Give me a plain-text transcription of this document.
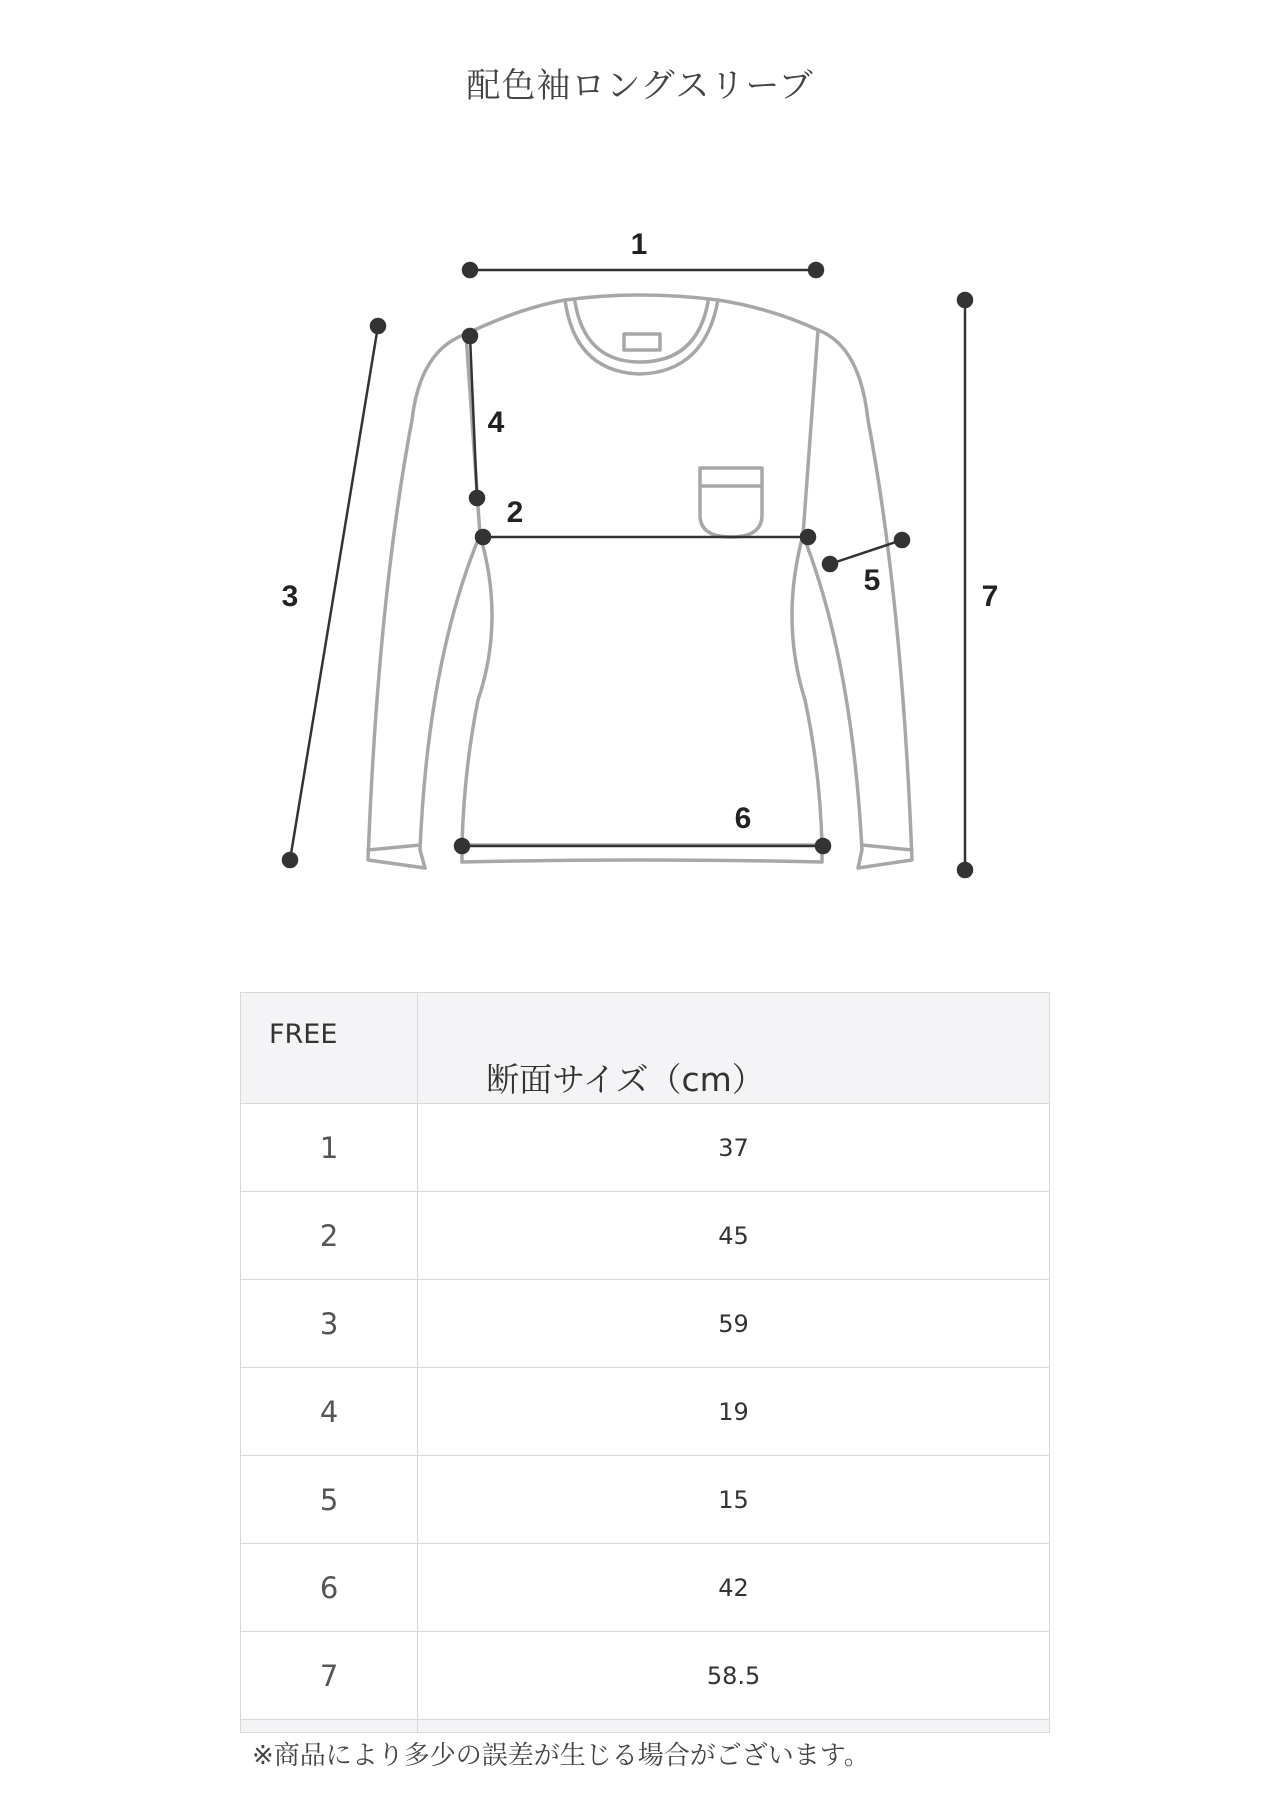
配色袖ロングスリーブ
1
2
3
4
5
6
7
FREE	断面サイズ（cm）
1	37
2	45
3	59
4	19
5	15
6	42
7	58.5

※商品により多少の誤差が生じる場合がございます。
